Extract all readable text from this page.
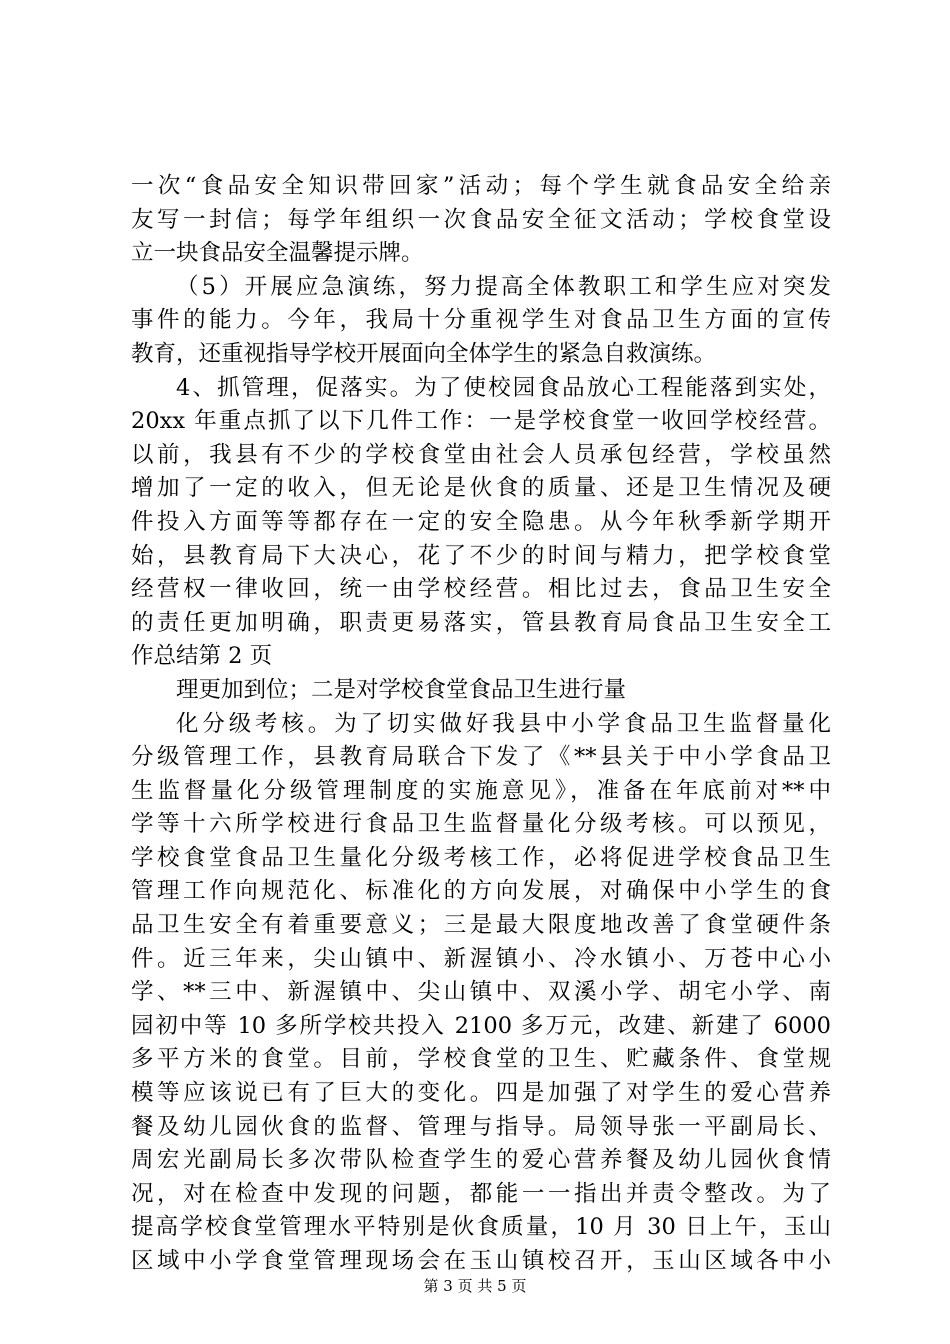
一次“食品安全知识带回家”活动；每个学生就食品安全给亲
友写一封信；每学年组织一次食品安全征文活动；学校食堂设
立一块食品安全温馨提示牌。
（5）开展应急演练，努力提高全体教职工和学生应对突发
事件的能力。今年，我局十分重视学生对食品卫生方面的宣传
教育，还重视指导学校开展面向全体学生的紧急自救演练。
4、抓管理，促落实。为了使校园食品放心工程能落到实处，
20xx 年重点抓了以下几件工作：一是学校食堂一收回学校经营。
以前，我县有不少的学校食堂由社会人员承包经营，学校虽然
增加了一定的收入，但无论是伙食的质量、还是卫生情况及硬
件投入方面等等都存在一定的安全隐患。从今年秋季新学期开
始，县教育局下大决心，花了不少的时间与精力，把学校食堂
经营权一律收回，统一由学校经营。相比过去，食品卫生安全
的责任更加明确，职责更易落实，管县教育局食品卫生安全工
作总结第 2 页
理更加到位；二是对学校食堂食品卫生进行量
化分级考核。为了切实做好我县中小学食品卫生监督量化
分级管理工作，县教育局联合下发了《**县关于中小学食品卫
生监督量化分级管理制度的实施意见》，准备在年底前对**中
学等十六所学校进行食品卫生监督量化分级考核。可以预见，
学校食堂食品卫生量化分级考核工作，必将促进学校食品卫生
管理工作向规范化、标准化的方向发展，对确保中小学生的食
品卫生安全有着重要意义；三是最大限度地改善了食堂硬件条
件。近三年来，尖山镇中、新渥镇小、冷水镇小、万苍中心小
学、**三中、新渥镇中、尖山镇中、双溪小学、胡宅小学、南
园初中等 10 多所学校共投入 2100 多万元，改建、新建了 6000
多平方米的食堂。目前，学校食堂的卫生、贮藏条件、食堂规
模等应该说已有了巨大的变化。四是加强了对学生的爱心营养
餐及幼儿园伙食的监督、管理与指导。局领导张一平副局长、
周宏光副局长多次带队检查学生的爱心营养餐及幼儿园伙食情
况，对在检查中发现的问题，都能一一指出并责令整改。为了
提高学校食堂管理水平特别是伙食质量，10 月 30 日上午，玉山
区域中小学食堂管理现场会在玉山镇校召开，玉山区域各中小
第 3 页 共 5 页
